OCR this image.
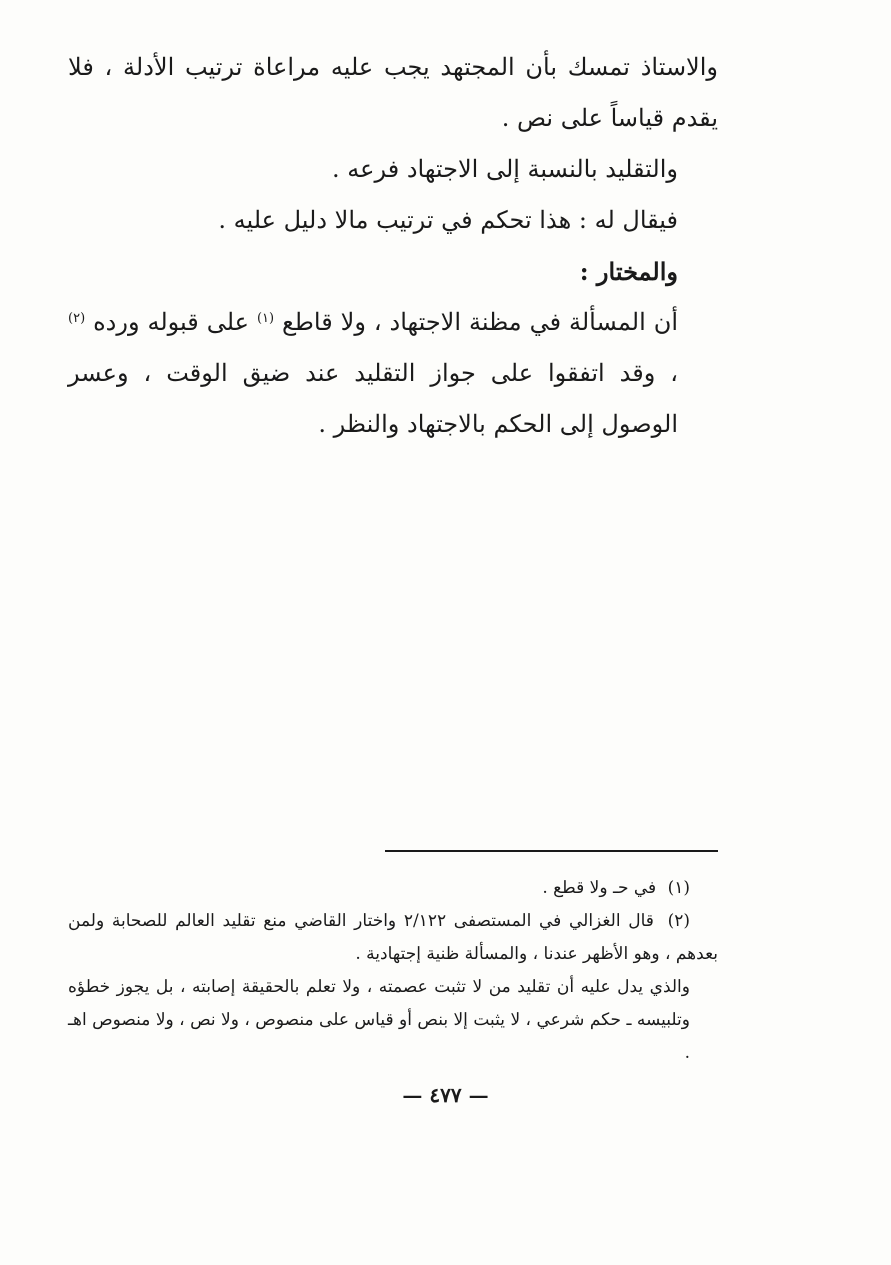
والاستاذ تمسك بأن المجتهد يجب عليه مراعاة ترتيب الأدلة ، فلا يقدم قياساً على نص .

والتقليد بالنسبة إلى الاجتهاد فرعه .

فيقال له : هذا تحكم في ترتيب مالا دليل عليه .

والمختار :

أن المسألة في مظنة الاجتهاد ، ولا قاطع $^{(١)}$ على قبوله ورده $^{(٢)}$ ، وقد اتفقوا على جواز التقليد عند ضيق الوقت ، وعسر الوصول إلى الحكم بالاجتهاد والنظر .

(١) في حـ ولا قطع .

(٢) قال الغزالي في المستصفى ٢/١٢٢ واختار القاضي منع تقليد العالم للصحابة ولمن بعدهم ، وهو الأظهر عندنا ، والمسألة ظنية إجتهادية .

والذي يدل عليه أن تقليد من لا تثبت عصمته ، ولا تعلم بالحقيقة إصابته ، بل يجوز خطؤه وتلبيسه ـ حكم شرعي ، لا يثبت إلا بنص أو قياس على منصوص ، ولا نص ، ولا منصوص اهـ .

— ٤٧٧ —
